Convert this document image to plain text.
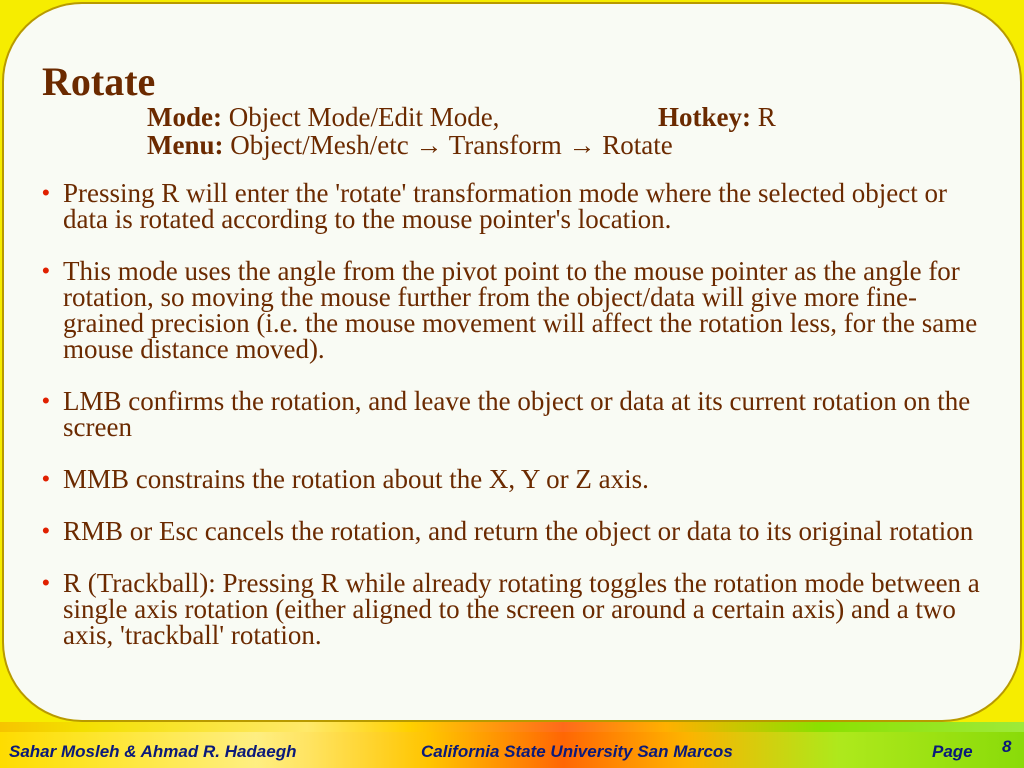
Rotate
Mode: Object Mode/Edit Mode,	Hotkey: R
Menu: Object/Mesh/etc → Transform → Rotate
• Pressing R will enter the 'rotate' transformation mode where the selected object or data is rotated according to the mouse pointer's location.
• This mode uses the angle from the pivot point to the mouse pointer as the angle for rotation, so moving the mouse further from the object/data will give more fine-grained precision (i.e. the mouse movement will affect the rotation less, for the same mouse distance moved).
• LMB confirms the rotation, and leave the object or data at its current rotation on the screen
• MMB constrains the rotation about the X, Y or Z axis.
• RMB or Esc cancels the rotation, and return the object or data to its original rotation
• R (Trackball): Pressing R while already rotating toggles the rotation mode between a single axis rotation (either aligned to the screen or around a certain axis) and a two axis, 'trackball' rotation.
Sahar Mosleh & Ahmad R. Hadaegh	California State University San Marcos	Page 8
